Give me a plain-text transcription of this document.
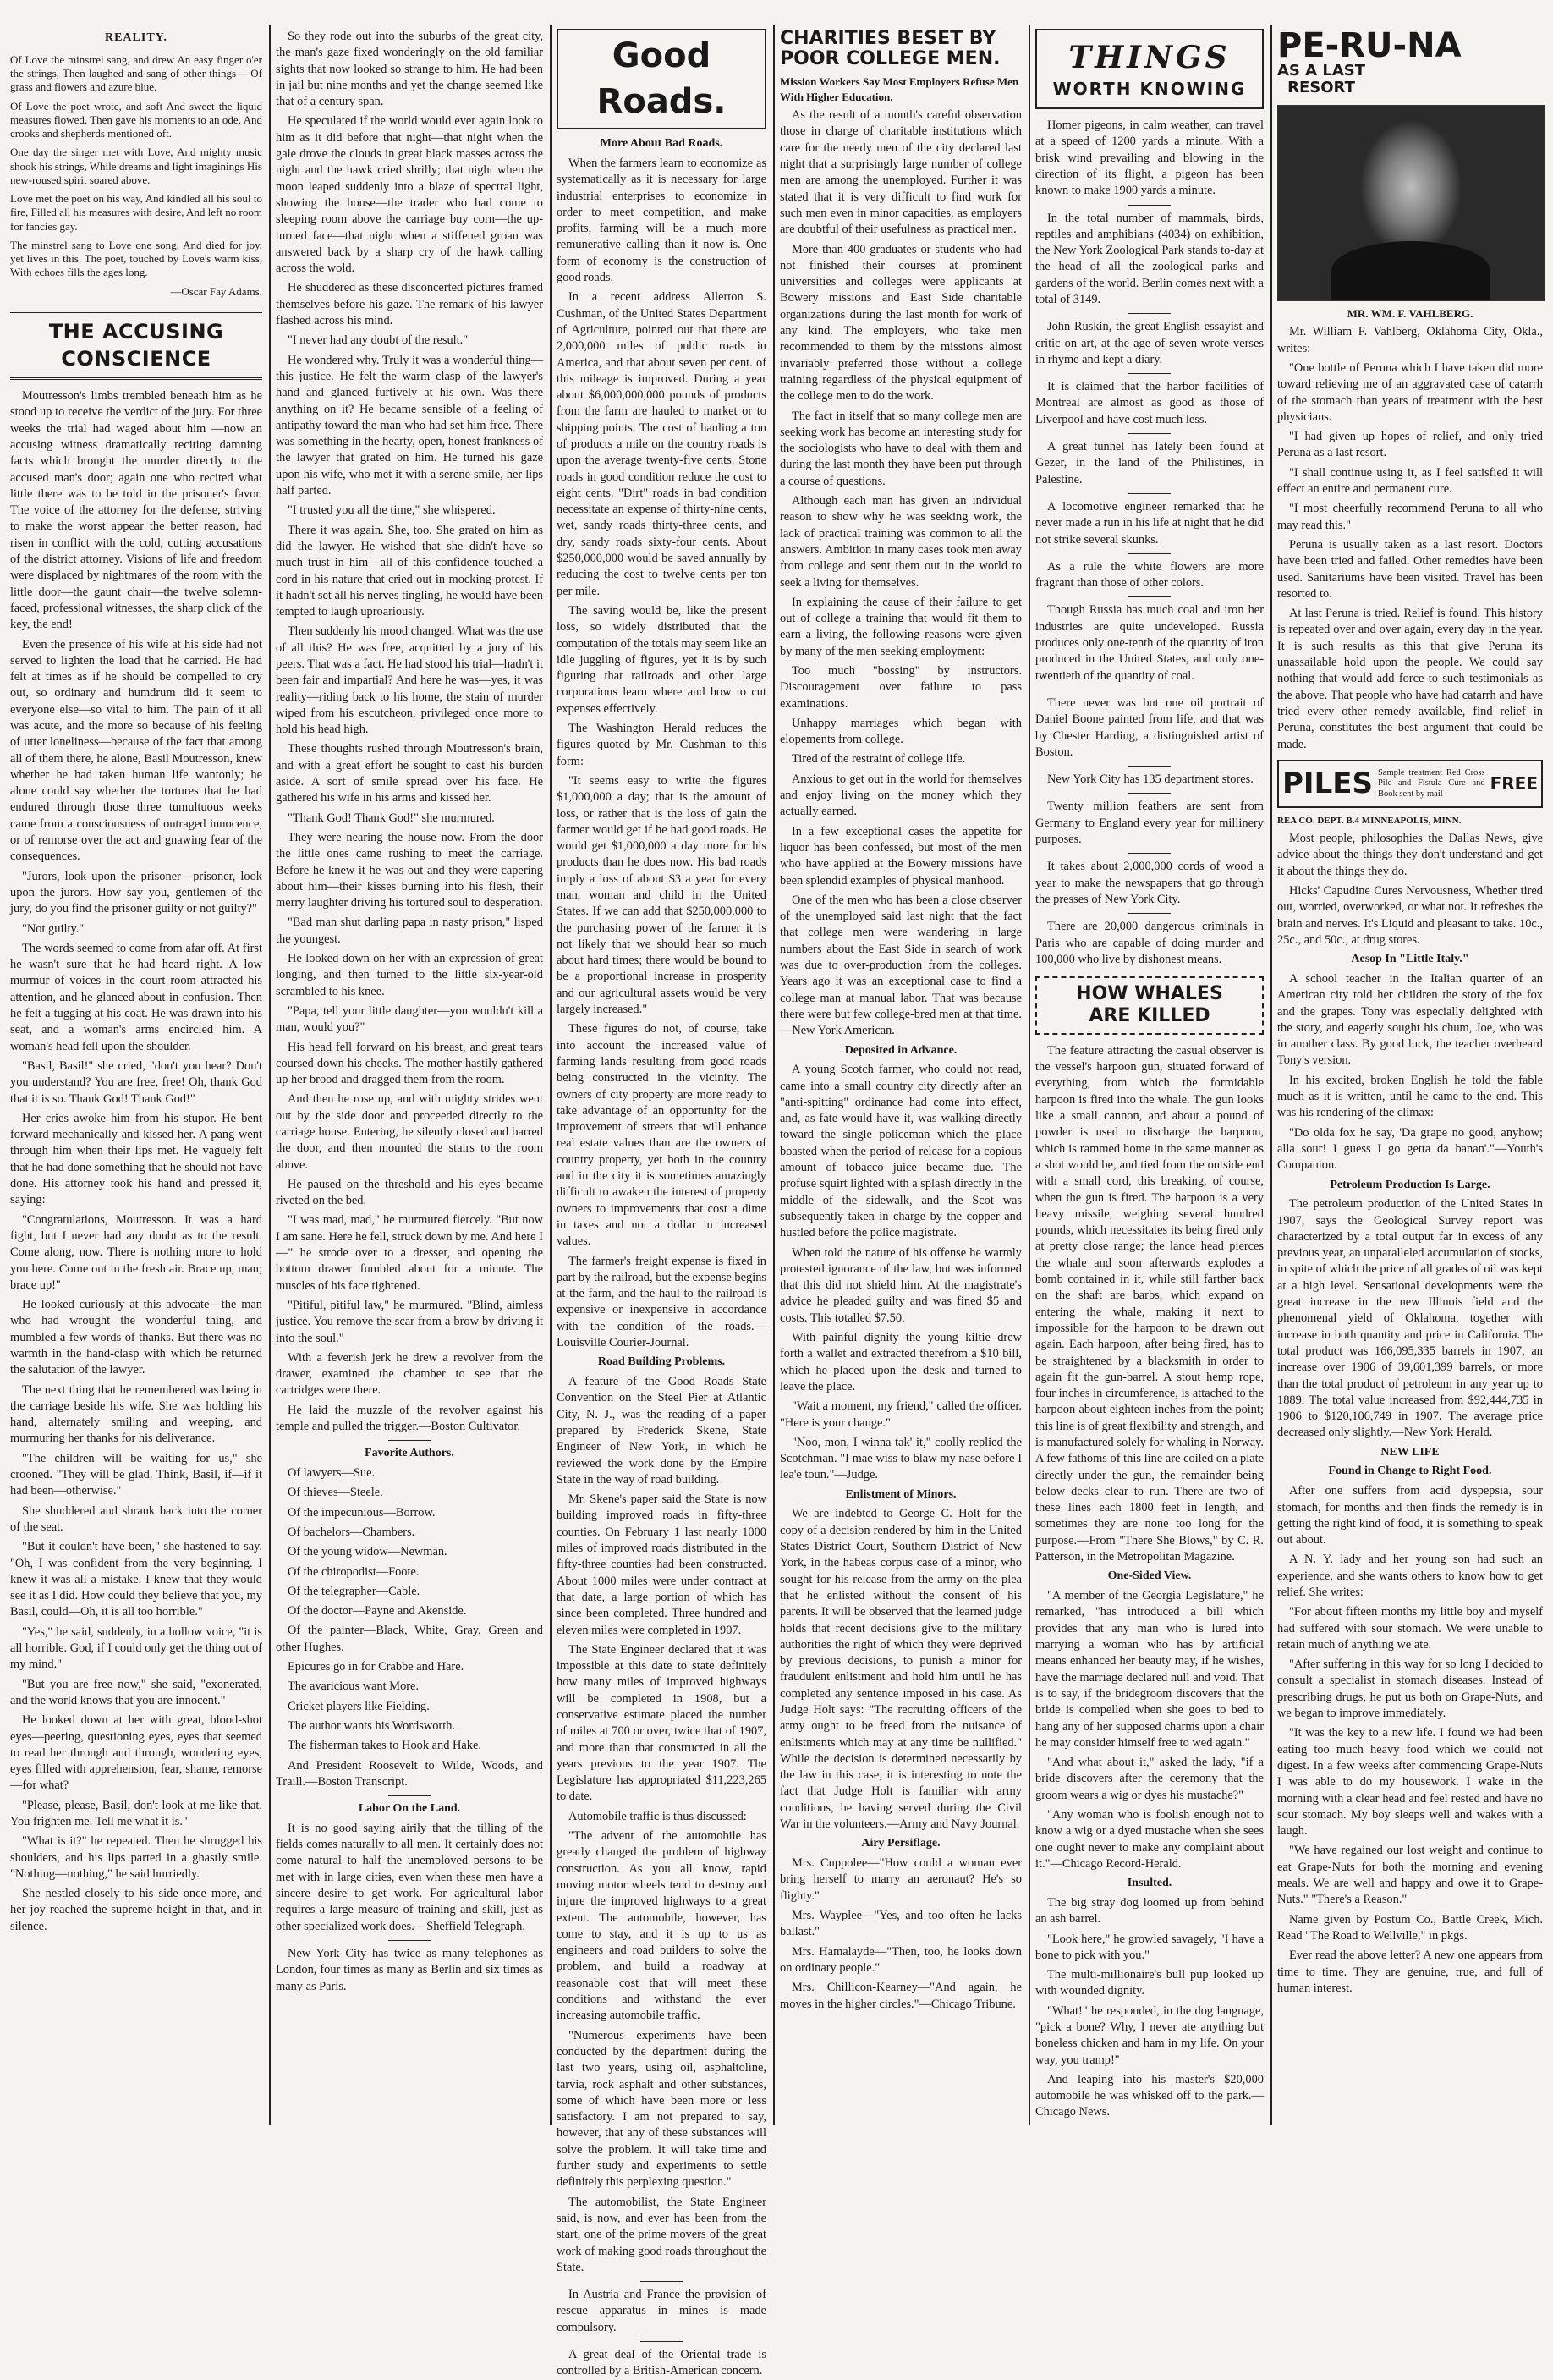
REALITY.

Of Love the minstrel sang, and drew An easy finger o'er the strings, Then laughed and sang of other things— Of grass and flowers and azure blue.

Of Love the poet wrote, and soft And sweet the liquid measures flowed, Then gave his moments to an ode, And crooks and shepherds mentioned oft.

One day the singer met with Love, And mighty music shook his strings, While dreams and light imaginings His new-roused spirit soared above.

Love met the poet on his way, And kindled all his soul to fire, Filled all his measures with desire, And left no room for fancies gay.

The minstrel sang to Love one song, And died for joy, yet lives in this. The poet, touched by Love's warm kiss, With echoes fills the ages long.

—Oscar Fay Adams.

THE ACCUSING CONSCIENCE

Moutresson's limbs trembled beneath him as he stood up to receive the verdict of the jury. For three weeks the trial had waged about him —now an accusing witness dramatically reciting damning facts which brought the murder directly to the accused man's door; again one who recited what little there was to be told in the prisoner's favor. The voice of the attorney for the defense, striving to make the worst appear the better reason, had risen in conflict with the cold, cutting accusations of the district attorney. Visions of life and freedom were displaced by nightmares of the room with the little door—the gaunt chair—the twelve solemn-faced, professional witnesses, the sharp click of the key, the end!

Even the presence of his wife at his side had not served to lighten the load that he carried. He had felt at times as if he should be compelled to cry out, so ordinary and humdrum did it seem to everyone else—so vital to him. The pain of it all was acute, and the more so because of his feeling of utter loneliness—because of the fact that among all of them there, he alone, Basil Moutresson, knew whether he had taken human life wantonly; he alone could say whether the tortures that he had endured through those three tumultuous weeks came from a consciousness of outraged innocence, or of remorse over the act and gnawing fear of the consequences.

"Jurors, look upon the prisoner—prisoner, look upon the jurors. How say you, gentlemen of the jury, do you find the prisoner guilty or not guilty?"

"Not guilty."

The words seemed to come from afar off. At first he wasn't sure that he had heard right. A low murmur of voices in the court room attracted his attention, and he glanced about in confusion. Then he felt a tugging at his coat. He was drawn into his seat, and a woman's arms encircled him. A woman's head fell upon the shoulder.

"Basil, Basil!" she cried, "don't you hear? Don't you understand? You are free, free! Oh, thank God that it is so. Thank God! Thank God!"

Her cries awoke him from his stupor. He bent forward mechanically and kissed her. A pang went through him when their lips met. He vaguely felt that he had done something that he should not have done. His attorney took his hand and pressed it, saying:

"Congratulations, Moutresson. It was a hard fight, but I never had any doubt as to the result. Come along, now. There is nothing more to hold you here. Come out in the fresh air. Brace up, man; brace up!"

He looked curiously at this advocate—the man who had wrought the wonderful thing, and mumbled a few words of thanks. But there was no warmth in the hand-clasp with which he returned the salutation of the lawyer.

The next thing that he remembered was being in the carriage beside his wife. She was holding his hand, alternately smiling and weeping, and murmuring her thanks for his deliverance.

"The children will be waiting for us," she crooned. "They will be glad. Think, Basil, if—if it had been—otherwise."

She shuddered and shrank back into the corner of the seat.

"But it couldn't have been," she hastened to say. "Oh, I was confident from the very beginning. I knew it was all a mistake. I knew that they would see it as I did. How could they believe that you, my Basil, could—Oh, it is all too horrible."

"Yes," he said, suddenly, in a hollow voice, "it is all horrible. God, if I could only get the thing out of my mind."

"But you are free now," she said, "exonerated, and the world knows that you are innocent."

He looked down at her with great, blood-shot eyes—peering, questioning eyes, eyes that seemed to read her through and through, wondering eyes, eyes filled with apprehension, fear, shame, remorse—for what?

"Please, please, Basil, don't look at me like that. You frighten me. Tell me what it is."

"What is it?" he repeated. Then he shrugged his shoulders, and his lips parted in a ghastly smile. "Nothing—nothing," he said hurriedly.

She nestled closely to his side once more, and her joy reached the supreme height in that, and in silence.

So they rode out into the suburbs of the great city, the man's gaze fixed wonderingly on the old familiar sights that now looked so strange to him. He had been in jail but nine months and yet the change seemed like that of a century span.

He speculated if the world would ever again look to him as it did before that night—that night when the gale drove the clouds in great black masses across the night and the hawk cried shrilly; that night when the moon leaped suddenly into a blaze of spectral light, showing the house—the trader who had come to sleeping room above the carriage buy corn—the up-turned face—that night when a stiffened groan was answered back by a sharp cry of the hawk calling across the wold.

He shuddered as these disconcerted pictures framed themselves before his gaze. The remark of his lawyer flashed across his mind.

"I never had any doubt of the result."

He wondered why. Truly it was a wonderful thing—this justice. He felt the warm clasp of the lawyer's hand and glanced furtively at his own. Was there anything on it? He became sensible of a feeling of antipathy toward the man who had set him free. There was something in the hearty, open, honest frankness of the lawyer that grated on him. He turned his gaze upon his wife, who met it with a serene smile, her lips half parted.

"I trusted you all the time," she whispered.

There it was again. She, too. She grated on him as did the lawyer. He wished that she didn't have so much trust in him—all of this confidence touched a cord in his nature that cried out in mocking protest. If it hadn't set all his nerves tingling, he would have been tempted to laugh uproariously.

Then suddenly his mood changed. What was the use of all this? He was free, acquitted by a jury of his peers. That was a fact. He had stood his trial—hadn't it been fair and impartial? And here he was—yes, it was reality—riding back to his home, the stain of murder wiped from his escutcheon, privileged once more to hold his head high.

These thoughts rushed through Moutresson's brain, and with a great effort he sought to cast his burden aside. A sort of smile spread over his face. He gathered his wife in his arms and kissed her.

"Thank God! Thank God!" she murmured.

They were nearing the house now. From the door the little ones came rushing to meet the carriage. Before he knew it he was out and they were capering about him—their kisses burning into his flesh, their merry laughter driving his tortured soul to desperation.

"Bad man shut darling papa in nasty prison," lisped the youngest.

He looked down on her with an expression of great longing, and then turned to the little six-year-old scrambled to his knee.

"Papa, tell your little daughter—you wouldn't kill a man, would you?"

His head fell forward on his breast, and great tears coursed down his cheeks. The mother hastily gathered up her brood and dragged them from the room.

And then he rose up, and with mighty strides went out by the side door and proceeded directly to the carriage house. Entering, he silently closed and barred the door, and then mounted the stairs to the room above.

He paused on the threshold and his eyes became riveted on the bed.

"I was mad, mad," he murmured fiercely. "But now I am sane. Here he fell, struck down by me. And here I—" he strode over to a dresser, and opening the bottom drawer fumbled about for a minute. The muscles of his face tightened.

"Pitiful, pitiful law," he murmured. "Blind, aimless justice. You remove the scar from a brow by driving it into the soul."

With a feverish jerk he drew a revolver from the drawer, examined the chamber to see that the cartridges were there.

He laid the muzzle of the revolver against his temple and pulled the trigger.—Boston Cultivator.

Favorite Authors.

Of lawyers—Sue.

Of thieves—Steele.

Of the impecunious—Borrow.

Of bachelors—Chambers.

Of the young widow—Newman.

Of the chiropodist—Foote.

Of the telegrapher—Cable.

Of the doctor—Payne and Akenside.

Of the painter—Black, White, Gray, Green and other Hughes.

Epicures go in for Crabbe and Hare.

The avaricious want More.

Cricket players like Fielding.

The author wants his Wordsworth.

The fisherman takes to Hook and Hake.

And President Roosevelt to Wilde, Woods, and Traill.—Boston Transcript.

Labor On the Land.

It is no good saying airily that the tilling of the fields comes naturally to all men. It certainly does not come natural to half the unemployed persons to be met with in large cities, even when these men have a sincere desire to get work. For agricultural labor requires a large measure of training and skill, just as other specialized work does.—Sheffield Telegraph.

New York City has twice as many telephones as London, four times as many as Berlin and six times as many as Paris.

Good Roads.

More About Bad Roads.

When the farmers learn to economize as systematically as it is necessary for large industrial enterprises to economize in order to meet competition, and make profits, farming will be a much more remunerative calling than it now is. One form of economy is the construction of good roads.

In a recent address Allerton S. Cushman, of the United States Department of Agriculture, pointed out that there are 2,000,000 miles of public roads in America, and that about seven per cent. of this mileage is improved. During a year about $6,000,000,000 pounds of products from the farm are hauled to market or to shipping points. The cost of hauling a ton of products a mile on the country roads is upon the average twenty-five cents. Stone roads in good condition reduce the cost to eight cents. "Dirt" roads in bad condition necessitate an expense of thirty-nine cents, wet, sandy roads thirty-three cents, and dry, sandy roads sixty-four cents. About $250,000,000 would be saved annually by reducing the cost to twelve cents per ton per mile.

The saving would be, like the present loss, so widely distributed that the computation of the totals may seem like an idle juggling of figures, yet it is by such figuring that railroads and other large corporations learn where and how to cut expenses effectively.

The Washington Herald reduces the figures quoted by Mr. Cushman to this form:

"It seems easy to write the figures $1,000,000 a day; that is the amount of loss, or rather that is the loss of gain the farmer would get if he had good roads. He would get $1,000,000 a day more for his products than he does now. His bad roads imply a loss of about $3 a year for every man, woman and child in the United States. If we can add that $250,000,000 to the purchasing power of the farmer it is not likely that we should hear so much about hard times; there would be bound to be a proportional increase in prosperity and our agricultural assets would be very largely increased."

These figures do not, of course, take into account the increased value of farming lands resulting from good roads being constructed in the vicinity. The owners of city property are more ready to take advantage of an opportunity for the improvement of streets that will enhance real estate values than are the owners of country property, yet both in the country and in the city it is sometimes amazingly difficult to awaken the interest of property owners to improvements that cost a dime in taxes and not a dollar in increased values.

The farmer's freight expense is fixed in part by the railroad, but the expense begins at the farm, and the haul to the railroad is expensive or inexpensive in accordance with the condition of the roads.—Louisville Courier-Journal.

Road Building Problems.

A feature of the Good Roads State Convention on the Steel Pier at Atlantic City, N. J., was the reading of a paper prepared by Frederick Skene, State Engineer of New York, in which he reviewed the work done by the Empire State in the way of road building.

Mr. Skene's paper said the State is now building improved roads in fifty-three counties. On February 1 last nearly 1000 miles of improved roads distributed in the fifty-three counties had been constructed. About 1000 miles were under contract at that date, a large portion of which has since been completed. Three hundred and eleven miles were completed in 1907.

The State Engineer declared that it was impossible at this date to state definitely how many miles of improved highways will be completed in 1908, but a conservative estimate placed the number of miles at 700 or over, twice that of 1907, and more than that constructed in all the years previous to the year 1907. The Legislature has appropriated $11,223,265 to date.

Automobile traffic is thus discussed:

"The advent of the automobile has greatly changed the problem of highway construction. As you all know, rapid moving motor wheels tend to destroy and injure the improved highways to a great extent. The automobile, however, has come to stay, and it is up to us as engineers and road builders to solve the problem, and build a roadway at reasonable cost that will meet these conditions and withstand the ever increasing automobile traffic.

"Numerous experiments have been conducted by the department during the last two years, using oil, asphaltoline, tarvia, rock asphalt and other substances, some of which have been more or less satisfactory. I am not prepared to say, however, that any of these substances will solve the problem. It will take time and further study and experiments to settle definitely this perplexing question."

The automobilist, the State Engineer said, is now, and ever has been from the start, one of the prime movers of the great work of making good roads throughout the State.

In Austria and France the provision of rescue apparatus in mines is made compulsory.

A great deal of the Oriental trade is controlled by a British-American concern.

CHARITIES BESET BY POOR COLLEGE MEN.

Mission Workers Say Most Employers Refuse Men With Higher Education.

As the result of a month's careful observation those in charge of charitable institutions which care for the needy men of the city declared last night that a surprisingly large number of college men are among the unemployed. Further it was stated that it is very difficult to find work for such men even in minor capacities, as employers are doubtful of their usefulness as practical men.

More than 400 graduates or students who had not finished their courses at prominent universities and colleges were applicants at Bowery missions and East Side charitable organizations during the last month for work of any kind. The employers, who take men recommended to them by the missions almost invariably preferred those without a college training regardless of the physical equipment of the college men to do the work.

The fact in itself that so many college men are seeking work has become an interesting study for the sociologists who have to deal with them and during the last month they have been put through a course of questions.

Although each man has given an individual reason to show why he was seeking work, the lack of practical training was common to all the answers. Ambition in many cases took men away from college and sent them out in the world to seek a living for themselves.

In explaining the cause of their failure to get out of college a training that would fit them to earn a living, the following reasons were given by many of the men seeking employment:

Too much "bossing" by instructors. Discouragement over failure to pass examinations.

Unhappy marriages which began with elopements from college.

Tired of the restraint of college life.

Anxious to get out in the world for themselves and enjoy living on the money which they actually earned.

In a few exceptional cases the appetite for liquor has been confessed, but most of the men who have applied at the Bowery missions have been splendid examples of physical manhood.

One of the men who has been a close observer of the unemployed said last night that the fact that college men were wandering in large numbers about the East Side in search of work was due to over-production from the colleges. Years ago it was an exceptional case to find a college man at manual labor. That was because there were but few college-bred men at that time.—New York American.

Deposited in Advance.

A young Scotch farmer, who could not read, came into a small country city directly after an "anti-spitting" ordinance had come into effect, and, as fate would have it, was walking directly toward the single policeman which the place boasted when the period of release for a copious amount of tobacco juice became due. The profuse squirt lighted with a splash directly in the middle of the sidewalk, and the Scot was subsequently taken in charge by the copper and hustled before the police magistrate.

When told the nature of his offense he warmly protested ignorance of the law, but was informed that this did not shield him. At the magistrate's advice he pleaded guilty and was fined $5 and costs. This totalled $7.50.

With painful dignity the young kiltie drew forth a wallet and extracted therefrom a $10 bill, which he placed upon the desk and turned to leave the place.

"Wait a moment, my friend," called the officer. "Here is your change."

"Noo, mon, I winna tak' it," coolly replied the Scotchman. "I mae wiss to blaw my nase before I lea'e toun."—Judge.

Enlistment of Minors.

We are indebted to George C. Holt for the copy of a decision rendered by him in the United States District Court, Southern District of New York, in the habeas corpus case of a minor, who sought for his release from the army on the plea that he enlisted without the consent of his parents. It will be observed that the learned judge holds that recent decisions give to the military authorities the right of which they were deprived by previous decisions, to punish a minor for fraudulent enlistment and hold him until he has completed any sentence imposed in his case. As Judge Holt says: "The recruiting officers of the army ought to be freed from the nuisance of enlistments which may at any time be nullified." While the decision is determined necessarily by the law in this case, it is interesting to note the fact that Judge Holt is familiar with army conditions, he having served during the Civil War in the volunteers.—Army and Navy Journal.

Airy Persiflage.

Mrs. Cuppolee—"How could a woman ever bring herself to marry an aeronaut? He's so flighty."

Mrs. Wayplee—"Yes, and too often he lacks ballast."

Mrs. Hamalayde—"Then, too, he looks down on ordinary people."

Mrs. Chillicon-Kearney—"And again, he moves in the higher circles."—Chicago Tribune.

THINGS
WORTH KNOWING

Homer pigeons, in calm weather, can travel at a speed of 1200 yards a minute. With a brisk wind prevailing and blowing in the direction of its flight, a pigeon has been known to make 1900 yards a minute.

In the total number of mammals, birds, reptiles and amphibians (4034) on exhibition, the New York Zoological Park stands to-day at the head of all the zoological parks and gardens of the world. Berlin comes next with a total of 3149.

John Ruskin, the great English essayist and critic on art, at the age of seven wrote verses in rhyme and kept a diary.

It is claimed that the harbor facilities of Montreal are almost as good as those of Liverpool and have cost much less.

A great tunnel has lately been found at Gezer, in the land of the Philistines, in Palestine.

A locomotive engineer remarked that he never made a run in his life at night that he did not strike several skunks.

As a rule the white flowers are more fragrant than those of other colors.

Though Russia has much coal and iron her industries are quite undeveloped. Russia produces only one-tenth of the quantity of iron produced in the United States, and only one-twentieth of the quantity of coal.

There never was but one oil portrait of Daniel Boone painted from life, and that was by Chester Harding, a distinguished artist of Boston.

New York City has 135 department stores.

Twenty million feathers are sent from Germany to England every year for millinery purposes.

It takes about 2,000,000 cords of wood a year to make the newspapers that go through the presses of New York City.

There are 20,000 dangerous criminals in Paris who are capable of doing murder and 100,000 who live by dishonest means.

HOW WHALES
ARE KILLED

The feature attracting the casual observer is the vessel's harpoon gun, situated forward of everything, from which the formidable harpoon is fired into the whale. The gun looks like a small cannon, and about a pound of powder is used to discharge the harpoon, which is rammed home in the same manner as a shot would be, and tied from the outside end with a small cord, this breaking, of course, when the gun is fired. The harpoon is a very heavy missile, weighing several hundred pounds, which necessitates its being fired only at pretty close range; the lance head pierces the whale and soon afterwards explodes a bomb contained in it, while still farther back on the shaft are barbs, which expand on entering the whale, making it next to impossible for the harpoon to be drawn out again. Each harpoon, after being fired, has to be straightened by a blacksmith in order to again fit the gun-barrel. A stout hemp rope, four inches in circumference, is attached to the harpoon about eighteen inches from the point; this line is of great flexibility and strength, and is manufactured solely for whaling in Norway. A few fathoms of this line are coiled on a plate directly under the gun, the remainder being below decks clear to run. There are two of these lines each 1800 feet in length, and sometimes they are none too long for the purpose.—From "There She Blows," by C. R. Patterson, in the Metropolitan Magazine.

One-Sided View.

"A member of the Georgia Legislature," he remarked, "has introduced a bill which provides that any man who is lured into marrying a woman who has by artificial means enhanced her beauty may, if he wishes, have the marriage declared null and void. That is to say, if the bridegroom discovers that the bride is compelled when she goes to bed to hang any of her supposed charms upon a chair he may consider himself free to wed again."

"And what about it," asked the lady, "if a bride discovers after the ceremony that the groom wears a wig or dyes his mustache?"

"Any woman who is foolish enough not to know a wig or a dyed mustache when she sees one ought never to make any complaint about it."—Chicago Record-Herald.

Insulted.

The big stray dog loomed up from behind an ash barrel.

"Look here," he growled savagely, "I have a bone to pick with you."

The multi-millionaire's bull pup looked up with wounded dignity.

"What!" he responded, in the dog language, "pick a bone? Why, I never ate anything but boneless chicken and ham in my life. On your way, you tramp!"

And leaping into his master's $20,000 automobile he was whisked off to the park.—Chicago News.

PE-RU-NA AS A LAST
RESORT

MR. WM. F. VAHLBERG.

Mr. William F. Vahlberg, Oklahoma City, Okla., writes:

"One bottle of Peruna which I have taken did more toward relieving me of an aggravated case of catarrh of the stomach than years of treatment with the best physicians.

"I had given up hopes of relief, and only tried Peruna as a last resort.

"I shall continue using it, as I feel satisfied it will effect an entire and permanent cure.

"I most cheerfully recommend Peruna to all who may read this."

Peruna is usually taken as a last resort. Doctors have been tried and failed. Other remedies have been used. Sanitariums have been visited. Travel has been resorted to.

At last Peruna is tried. Relief is found. This history is repeated over and over again, every day in the year. It is such results as this that give Peruna its unassailable hold upon the people. We could say nothing that would add force to such testimonials as the above. That people who have had catarrh and have tried every other remedy available, find relief in Peruna, constitutes the best argument that could be made.

PILES Sample treatment Red Cross Pile and Fistula Cure and Book sent by mail
FREE

REA CO. DEPT. B.4 MINNEAPOLIS, MINN.

Most people, philosophies the Dallas News, give advice about the things they don't understand and get it about the things they do.

Hicks' Capudine Cures Nervousness, Whether tired out, worried, overworked, or what not. It refreshes the brain and nerves. It's Liquid and pleasant to take. 10c., 25c., and 50c., at drug stores.

Aesop In "Little Italy."

A school teacher in the Italian quarter of an American city told her children the story of the fox and the grapes. Tony was especially delighted with the story, and eagerly sought his chum, Joe, who was in another class. By good luck, the teacher overheard Tony's version.

In his excited, broken English he told the fable much as it is written, until he came to the end. This was his rendering of the climax:

"Do olda fox he say, 'Da grape no good, anyhow; alla sour! I guess I go getta da banan'."—Youth's Companion.

Petroleum Production Is Large.

The petroleum production of the United States in 1907, says the Geological Survey report was characterized by a total output far in excess of any previous year, an unparalleled accumulation of stocks, in spite of which the price of all grades of oil was kept at a high level. Sensational developments were the great increase in the new Illinois field and the phenomenal yield of Oklahoma, together with increase in both quantity and price in California. The total product was 166,095,335 barrels in 1907, an increase over 1906 of 39,601,399 barrels, or more than the total product of petroleum in any year up to 1889. The total value increased from $92,444,735 in 1906 to $120,106,749 in 1907. The average price decreased only slightly.—New York Herald.

NEW LIFE

Found in Change to Right Food.

After one suffers from acid dyspepsia, sour stomach, for months and then finds the remedy is in getting the right kind of food, it is something to speak out about.

A N. Y. lady and her young son had such an experience, and she wants others to know how to get relief. She writes:

"For about fifteen months my little boy and myself had suffered with sour stomach. We were unable to retain much of anything we ate.

"After suffering in this way for so long I decided to consult a specialist in stomach diseases. Instead of prescribing drugs, he put us both on Grape-Nuts, and we began to improve immediately.

"It was the key to a new life. I found we had been eating too much heavy food which we could not digest. In a few weeks after commencing Grape-Nuts I was able to do my housework. I wake in the morning with a clear head and feel rested and have no sour stomach. My boy sleeps well and wakes with a laugh.

"We have regained our lost weight and continue to eat Grape-Nuts for both the morning and evening meals. We are well and happy and owe it to Grape-Nuts." "There's a Reason."

Name given by Postum Co., Battle Creek, Mich. Read "The Road to Wellville," in pkgs.

Ever read the above letter? A new one appears from time to time. They are genuine, true, and full of human interest.
